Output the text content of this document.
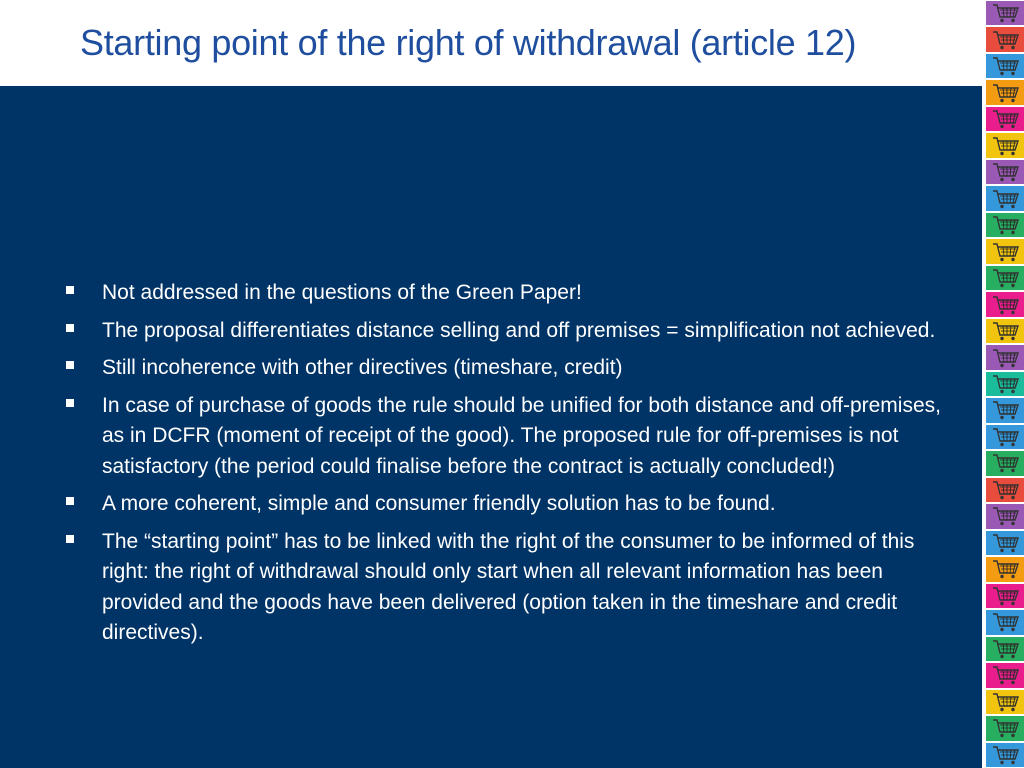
Starting point of the right of withdrawal (article 12)
Not addressed in the questions of the Green Paper!
The proposal differentiates distance selling and off premises = simplification not achieved.
Still incoherence with other directives (timeshare, credit)
In case of purchase of goods the rule should be unified for both distance and off-premises, as in DCFR (moment of receipt of the good). The proposed rule for off-premises is not satisfactory (the period could finalise before the contract is actually concluded!)
A more coherent, simple and consumer friendly solution has to be found.
The “starting point” has to be linked with the right of the consumer to be informed of this right: the right of withdrawal should only start when all relevant information has been provided and the goods have been delivered (option taken in the timeshare and credit directives).
